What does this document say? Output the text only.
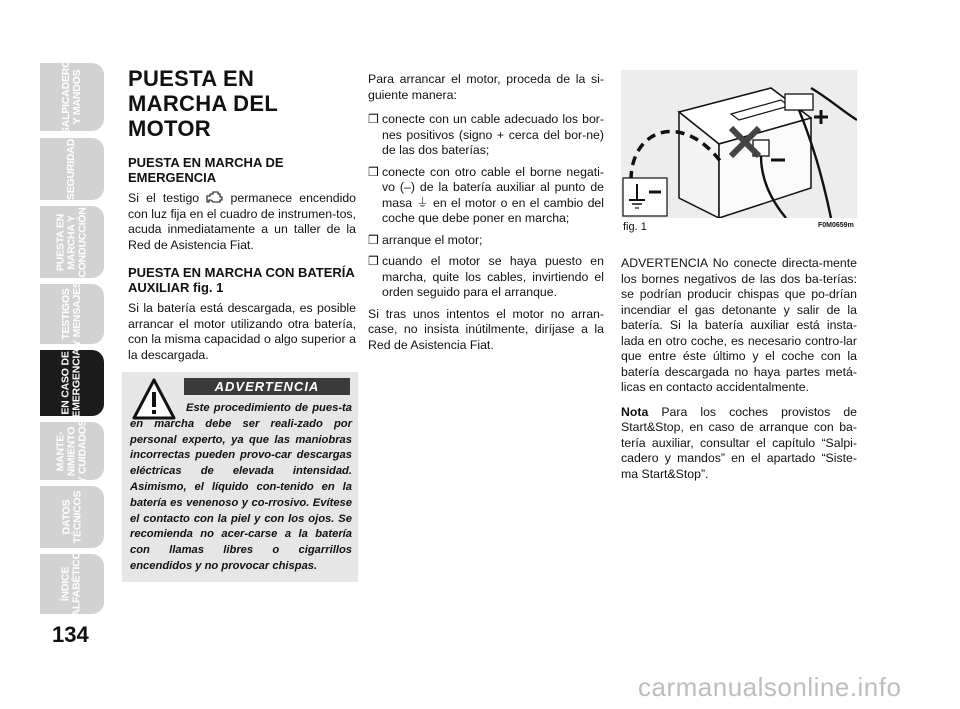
SALPICADERO
Y MANDOS
SEGURIDAD
PUESTA EN
MARCHA Y
CONDUCCIÓN
TESTIGOS
Y MENSAJES
EN CASO DE
EMERGENCIA
MANTE-
NIMIENTO
Y CUIDADOS
DATOS
TÉCNICOS
ÍNDICE
ALFABÉTICO
134
PUESTA EN MARCHA DEL MOTOR
PUESTA EN MARCHA DE EMERGENCIA

Si el testigo  permanece encendido con luz fija en el cuadro de instrumen-tos, acuda inmediatamente a un taller de la Red de Asistencia Fiat.

PUESTA EN MARCHA CON BATERÍA AUXILIAR fig. 1

Si la batería está descargada, es posible arrancar el motor utilizando otra batería, con la misma capacidad o algo superior a la descargada.

ADVERTENCIA
Este procedimiento de pues-ta en marcha debe ser reali-zado por personal experto, ya que las maniobras incorrectas pueden provo-car descargas eléctricas de elevada intensidad. Asimismo, el líquido con-tenido en la batería es venenoso y co-rrosivo. Evítese el contacto con la piel y con los ojos. Se recomienda no acer-carse a la batería con llamas libres o cigarrillos encendidos y no provocar chispas.

Para arrancar el motor, proceda de la si-guiente manera:

❒ conecte con un cable adecuado los bor-nes positivos (signo + cerca del bor-ne) de las dos baterías;
❒ conecte con otro cable el borne negati-vo (–) de la batería auxiliar al punto de masa ⏚ en el motor o en el cambio del coche que debe poner en marcha;
❒ arranque el motor;
❒ cuando el motor se haya puesto en marcha, quite los cables, invirtiendo el orden seguido para el arranque.

Si tras unos intentos el motor no arran-case, no insista inútilmente, diríjase a la Red de Asistencia Fiat.

fig. 1	F0M0659m

ADVERTENCIA No conecte directa-mente los bornes negativos de las dos ba-terías: se podrían producir chispas que po-drían incendiar el gas detonante y salir de la batería. Si la batería auxiliar está insta-lada en otro coche, es necesario contro-lar que entre éste último y el coche con la batería descargada no haya partes metá-licas en contacto accidentalmente.

Nota Para los coches provistos de Start&Stop, en caso de arranque con ba-tería auxiliar, consultar el capítulo “Salpi-cadero y mandos” en el apartado “Siste-ma Start&Stop”.

carmanualsonline.info
